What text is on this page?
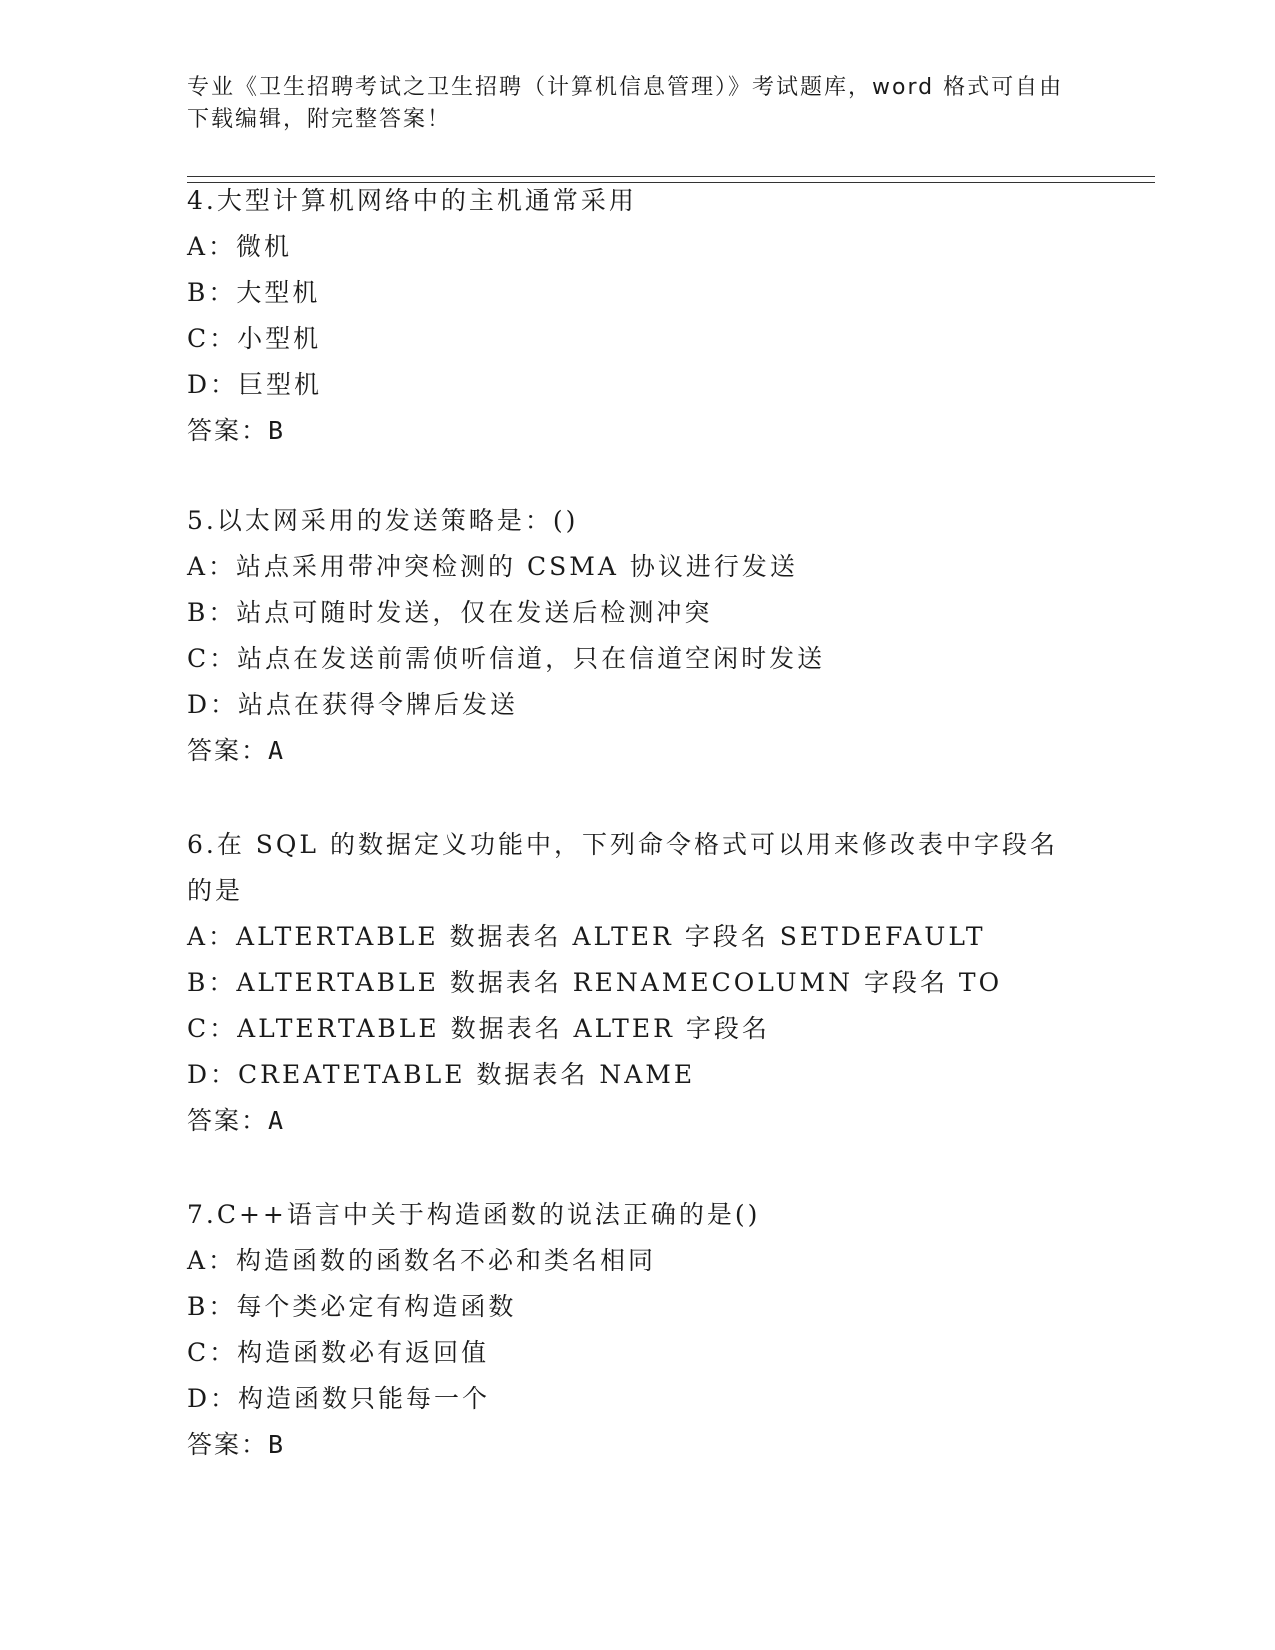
专业《卫生招聘考试之卫生招聘（计算机信息管理）》考试题库，word 格式可自由下载编辑，附完整答案！
4.大型计算机网络中的主机通常采用
A：微机
B：大型机
C：小型机
D：巨型机
答案：B
5.以太网采用的发送策略是：()
A：站点采用带冲突检测的 CSMA 协议进行发送
B：站点可随时发送，仅在发送后检测冲突
C：站点在发送前需侦听信道，只在信道空闲时发送
D：站点在获得令牌后发送
答案：A
6.在 SQL 的数据定义功能中，下列命令格式可以用来修改表中字段名的是
A：ALTERTABLE 数据表名 ALTER 字段名 SETDEFAULT
B：ALTERTABLE 数据表名 RENAMECOLUMN 字段名 TO
C：ALTERTABLE 数据表名 ALTER 字段名
D：CREATETABLE 数据表名 NAME
答案：A
7.C++语言中关于构造函数的说法正确的是()
A：构造函数的函数名不必和类名相同
B：每个类必定有构造函数
C：构造函数必有返回值
D：构造函数只能每一个
答案：B
